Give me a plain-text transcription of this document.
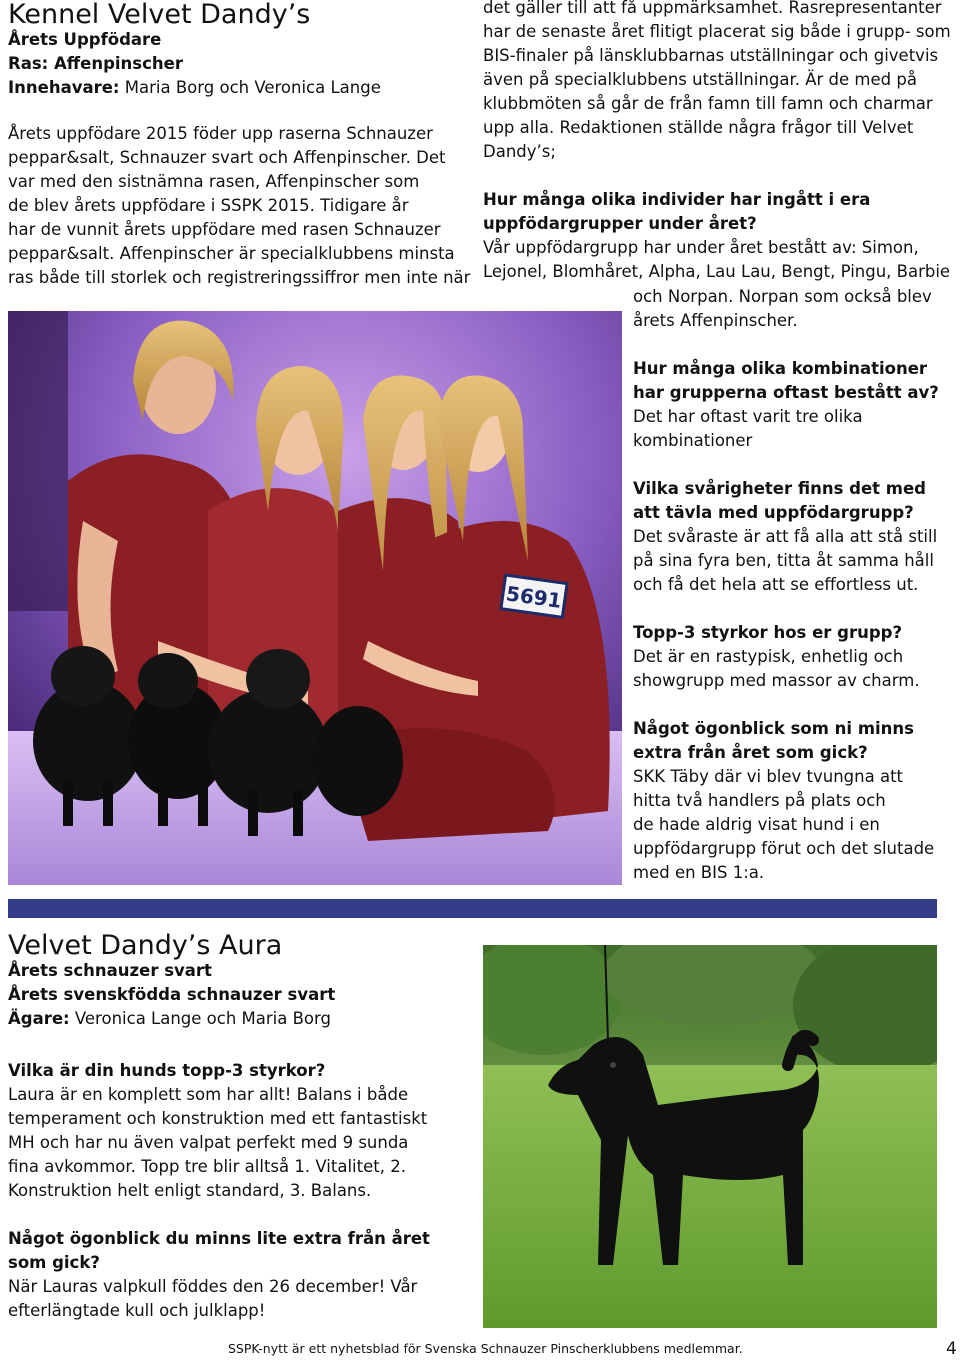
Kennel Velvet Dandy’s
Årets Uppfödare
Ras: Affenpinscher
Innehavare: Maria Borg och Veronica Lange

Årets uppfödare 2015 föder upp raserna Schnauzer

peppar&salt, Schnauzer svart och Affenpinscher. Det

var med den sistnämna rasen, Affenpinscher som

de blev årets uppfödare i SSPK 2015. Tidigare år

har de vunnit årets uppfödare med rasen Schnauzer

peppar&salt. Affenpinscher är specialklubbens minsta

ras både till storlek och registreringssiffror men inte när

det gäller till att få uppmärksamhet. Rasrepresentanter

har de senaste året flitigt placerat sig både i grupp- som

BIS-finaler på länsklubbarnas utställningar och givetvis

även på specialklubbens utställningar. Är de med på

klubbmöten så går de från famn till famn och charmar

upp alla. Redaktionen ställde några frågor till Velvet

Dandy’s;

Hur många olika individer har ingått i era

uppfödargrupper under året?

Vår uppfödargrupp har under året bestått av: Simon,

Lejonel, Blomhåret, Alpha, Lau Lau, Bengt, Pingu, Barbie

och Norpan. Norpan som också blev

årets Affenpinscher.

Hur många olika kombinationer

har grupperna oftast bestått av?

Det har oftast varit tre olika

kombinationer

Vilka svårigheter finns det med

att tävla med uppfödargrupp?

Det svåraste är att få alla att stå still

på sina fyra ben, titta åt samma håll

och få det hela att se effortless ut.

Topp-3 styrkor hos er grupp?

Det är en rastypisk, enhetlig och

showgrupp med massor av charm.

Något ögonblick som ni minns

extra från året som gick?

SKK Täby där vi blev tvungna att

hitta två handlers på plats och

de hade aldrig visat hund i en

uppfödargrupp förut och det slutade

med en BIS 1:a.

5691
Velvet Dandy’s Aura
Årets schnauzer svart
Årets svenskfödda schnauzer svart
Ägare: Veronica Lange och Maria Borg

Vilka är din hunds topp-3 styrkor?

Laura är en komplett som har allt! Balans i både

temperament och konstruktion med ett fantastiskt

MH och har nu även valpat perfekt med 9 sunda

fina avkommor. Topp tre blir alltså 1. Vitalitet, 2.

Konstruktion helt enligt standard, 3. Balans.

Något ögonblick du minns lite extra från året

som gick?

När Lauras valpkull föddes den 26 december! Vår

efterlängtade kull och julklapp!

SSPK-nytt är ett nyhetsblad för Svenska Schnauzer Pinscherklubbens medlemmar.	4
